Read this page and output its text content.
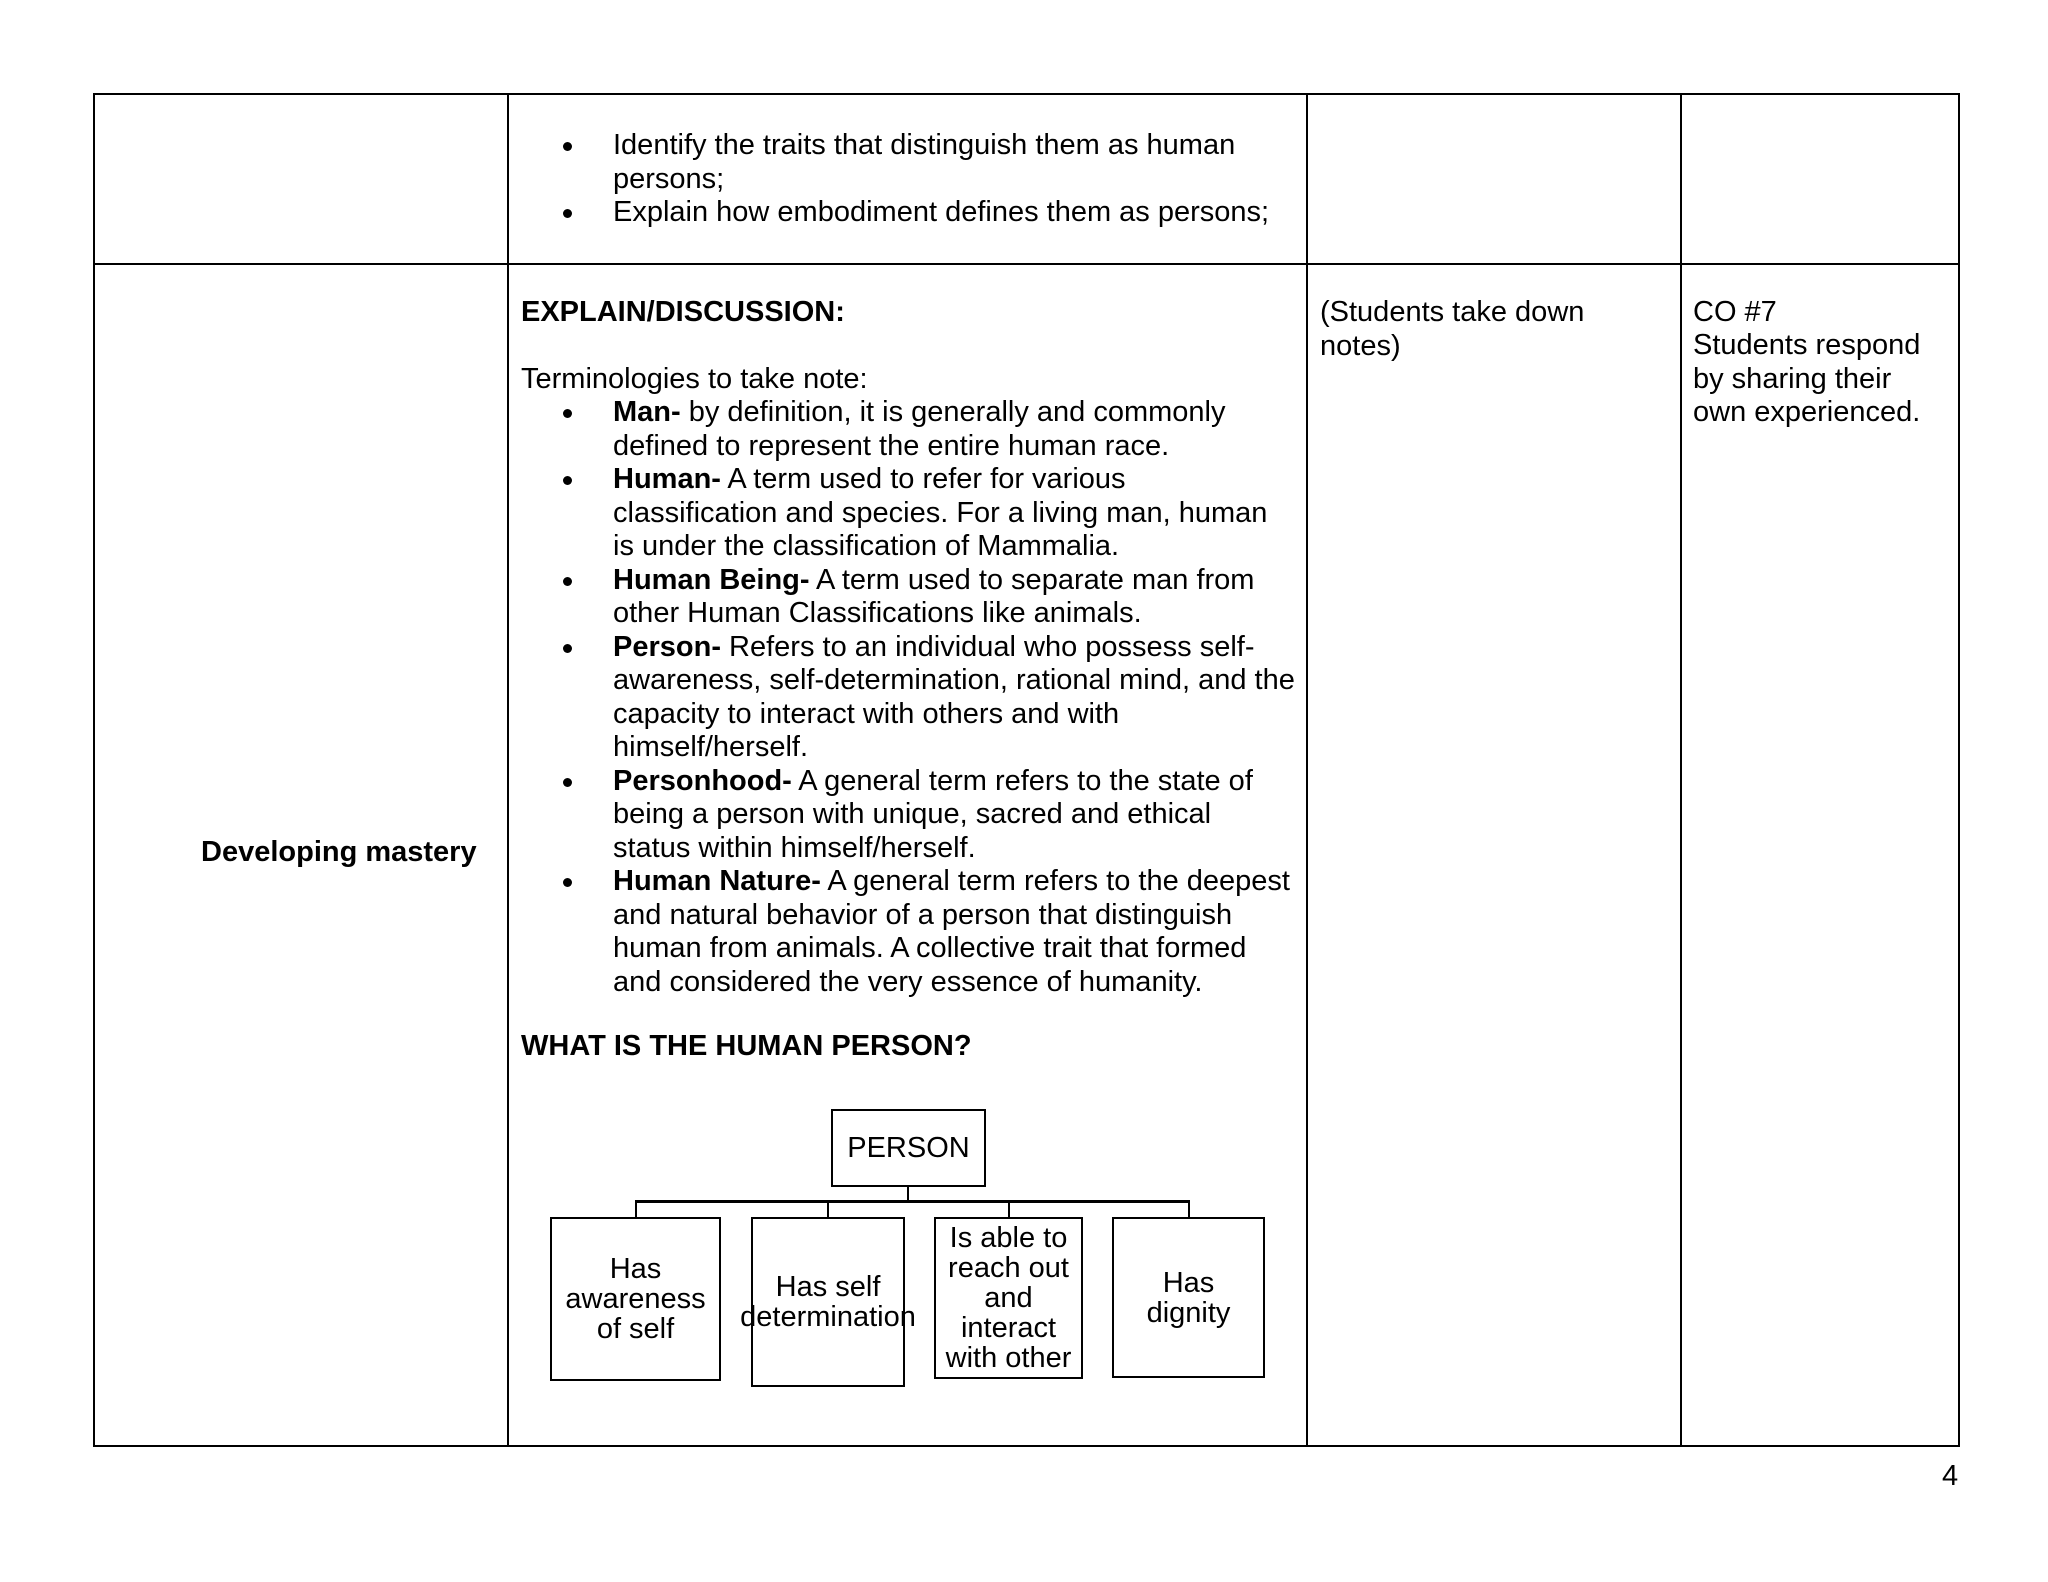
Identify the traits that distinguish them as human persons;
Explain how embodiment defines them as persons;
Developing mastery
EXPLAIN/DISCUSSION:
Terminologies to take note:
Man- by definition, it is generally and commonly defined to represent the entire human race.
Human- A term used to refer for various classification and species. For a living man, human is under the classification of Mammalia.
Human Being- A term used to separate man from other Human Classifications like animals.
Person- Refers to an individual who possess self-awareness, self-determination, rational mind, and the capacity to interact with others and with himself/herself.
Personhood- A general term refers to the state of being a person with unique, sacred and ethical status within himself/herself.
Human Nature- A general term refers to the deepest and natural behavior of a person that distinguish human from animals. A collective trait that formed and considered the very essence of humanity.
WHAT IS THE HUMAN PERSON?
PERSON
Has awareness of self
Has self determination
Is able to reach out and interact with other
Has dignity
(Students take down notes)
CO #7
Students respond by sharing their own experienced.
4
